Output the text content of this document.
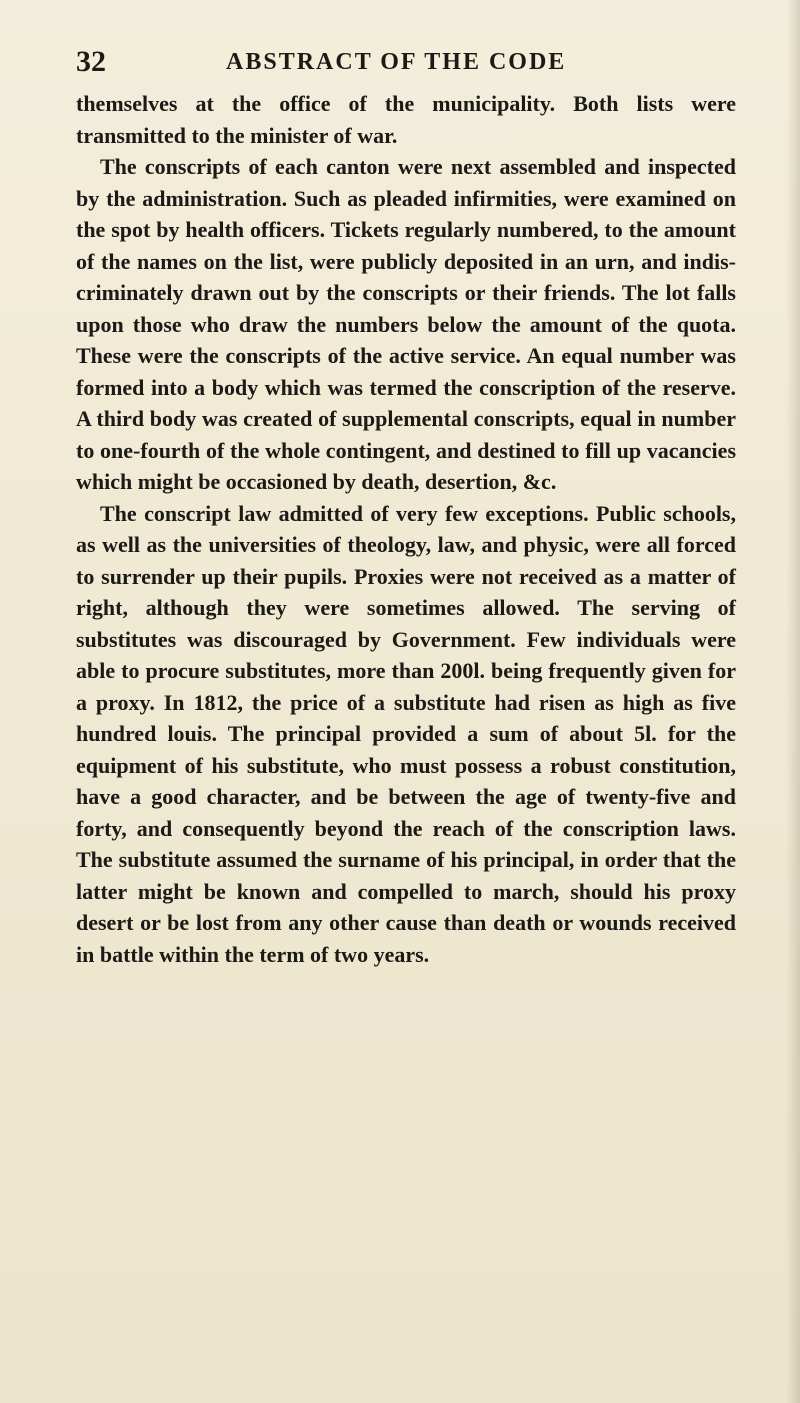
32	ABSTRACT OF THE CODE

themselves at the office of the municipality. Both lists were transmitted to the minister of war.

The conscripts of each canton were next assembled and inspected by the administration. Such as pleaded infirmities, were examined on the spot by health officers. Tickets regularly numbered, to the amount of the names on the list, were publicly deposited in an urn, and indiscriminately drawn out by the conscripts or their friends. The lot falls upon those who draw the numbers below the amount of the quota. These were the conscripts of the active service. An equal number was formed into a body which was termed the conscription of the reserve. A third body was created of supplemental conscripts, equal in number to one-fourth of the whole contingent, and destined to fill up vacancies which might be occasioned by death, desertion, &c.

The conscript law admitted of very few exceptions. Public schools, as well as the universities of theology, law, and physic, were all forced to surrender up their pupils. Proxies were not received as a matter of right, although they were sometimes allowed. The serving of substitutes was discouraged by Government. Few individuals were able to procure substitutes, more than 200l. being frequently given for a proxy. In 1812, the price of a substitute had risen as high as five hundred louis. The principal provided a sum of about 5l. for the equipment of his substitute, who must possess a robust constitution, have a good character, and be between the age of twenty-five and forty, and consequently beyond the reach of the conscription laws. The substitute assumed the surname of his principal, in order that the latter might be known and compelled to march, should his proxy desert or be lost from any other cause than death or wounds received in battle within the term of two years.
